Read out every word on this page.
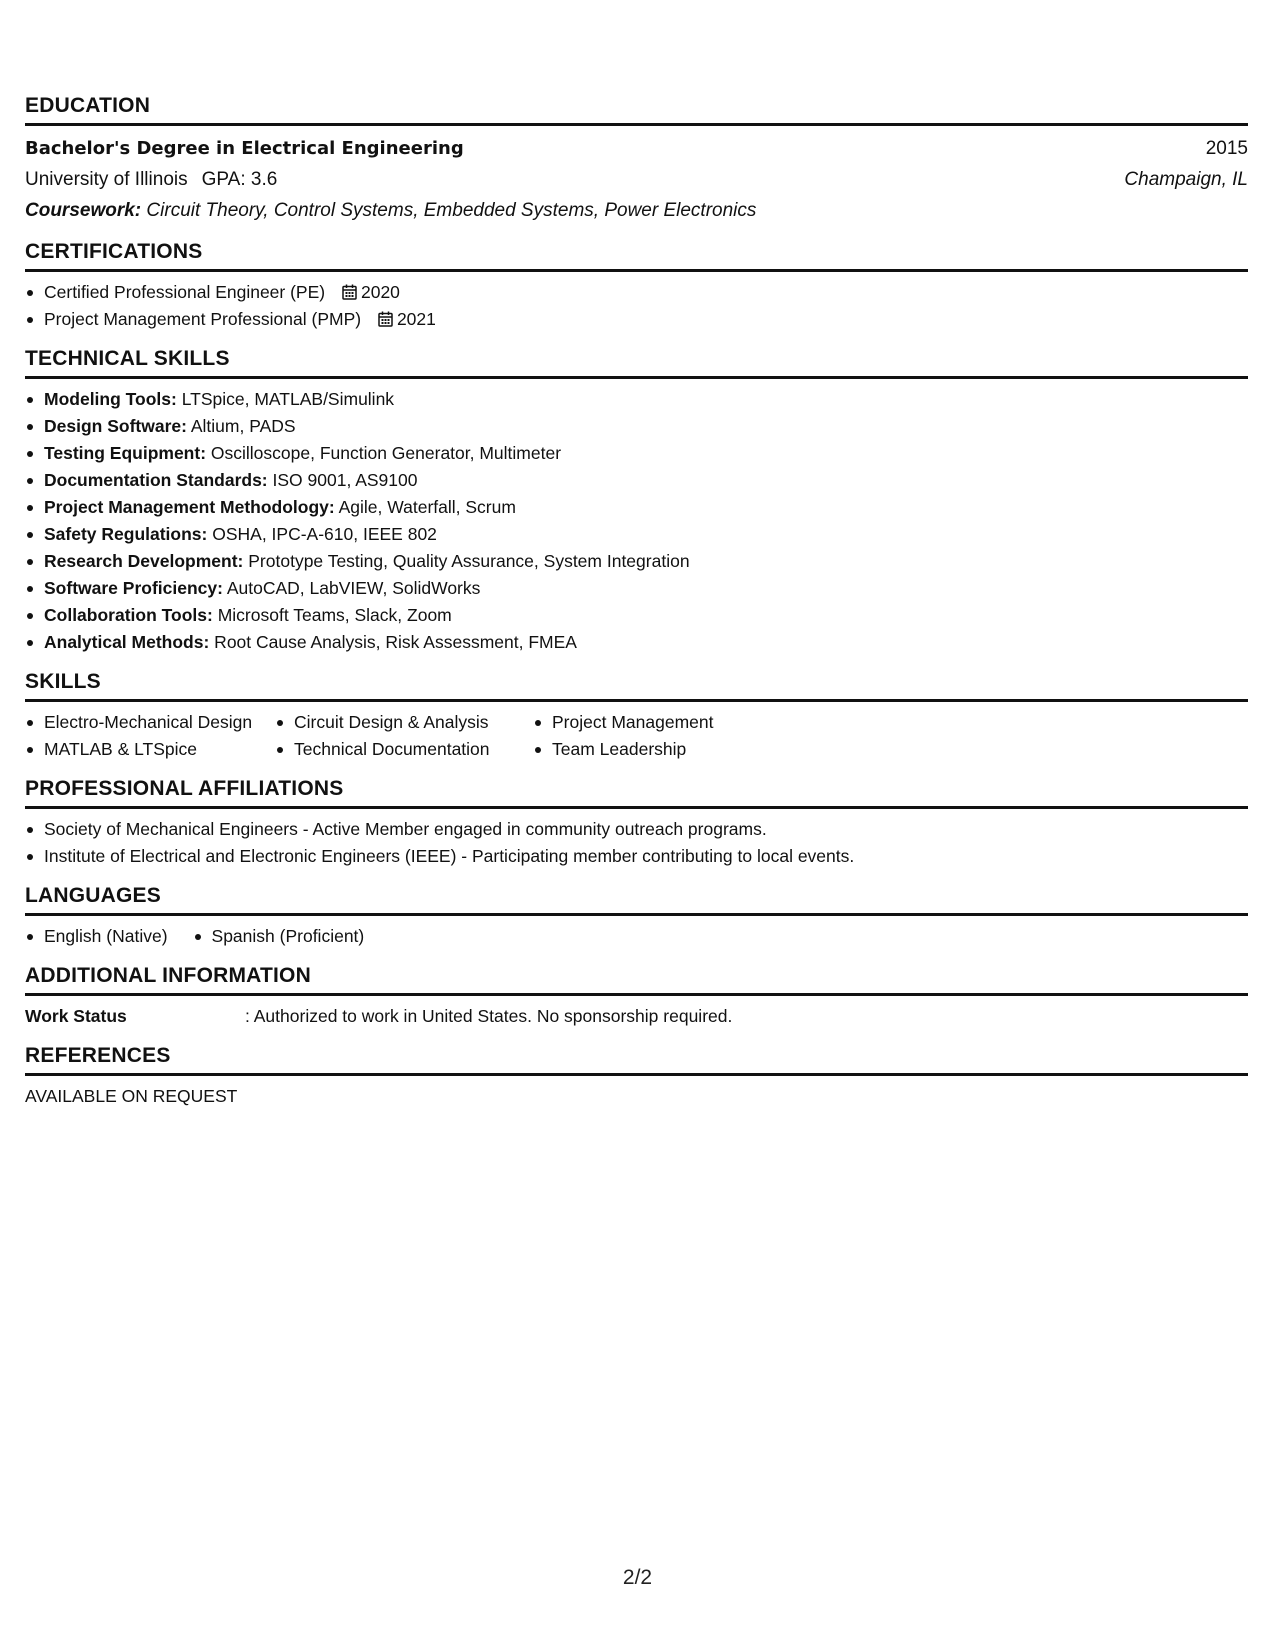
EDUCATION
Bachelor's Degree in Electrical Engineering	2015
University of Illinois GPA: 3.6	Champaign, IL
Coursework: Circuit Theory, Control Systems, Embedded Systems, Power Electronics
CERTIFICATIONS
Certified Professional Engineer (PE) 2020
Project Management Professional (PMP) 2021
TECHNICAL SKILLS
Modeling Tools: LTSpice, MATLAB/Simulink
Design Software: Altium, PADS
Testing Equipment: Oscilloscope, Function Generator, Multimeter
Documentation Standards: ISO 9001, AS9100
Project Management Methodology: Agile, Waterfall, Scrum
Safety Regulations: OSHA, IPC-A-610, IEEE 802
Research Development: Prototype Testing, Quality Assurance, System Integration
Software Proficiency: AutoCAD, LabVIEW, SolidWorks
Collaboration Tools: Microsoft Teams, Slack, Zoom
Analytical Methods: Root Cause Analysis, Risk Assessment, FMEA
SKILLS
Electro-Mechanical Design	Circuit Design & Analysis	Project Management
MATLAB & LTSpice	Technical Documentation	Team Leadership
PROFESSIONAL AFFILIATIONS
Society of Mechanical Engineers - Active Member engaged in community outreach programs.
Institute of Electrical and Electronic Engineers (IEEE) - Participating member contributing to local events.
LANGUAGES
English (Native)	Spanish (Proficient)
ADDITIONAL INFORMATION
Work Status	: Authorized to work in United States. No sponsorship required.
REFERENCES
AVAILABLE ON REQUEST
2/2
